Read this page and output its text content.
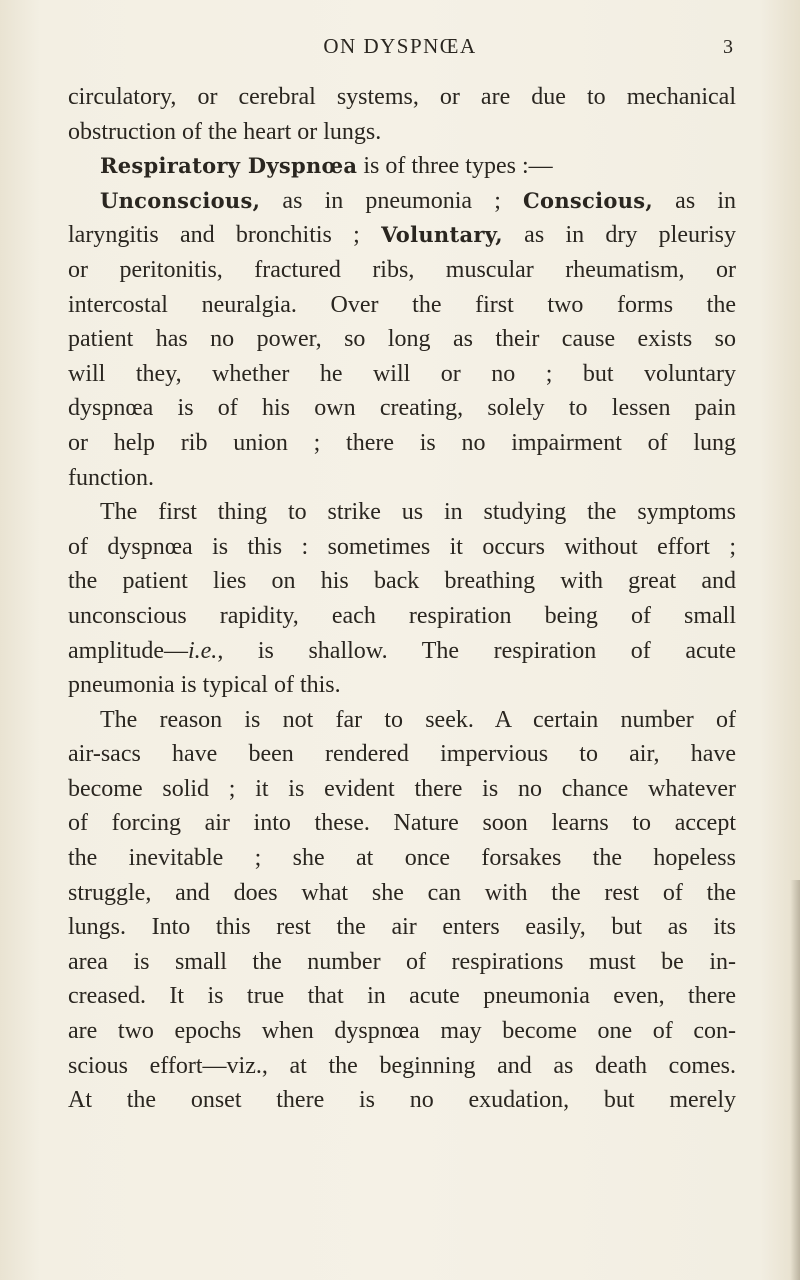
ON DYSPNŒA	3
circulatory, or cerebral systems, or are due to mechanical
obstruction of the heart or lungs.
Respiratory Dyspnœa is of three types :—
Unconscious, as in pneumonia ; Conscious, as in
laryngitis and bronchitis ; Voluntary, as in dry pleurisy
or peritonitis, fractured ribs, muscular rheumatism, or
intercostal neuralgia. Over the first two forms the
patient has no power, so long as their cause exists so
will they, whether he will or no ; but voluntary
dyspnœa is of his own creating, solely to lessen pain
or help rib union ; there is no impairment of lung
function.
The first thing to strike us in studying the symptoms
of dyspnœa is this : sometimes it occurs without effort ;
the patient lies on his back breathing with great and
unconscious rapidity, each respiration being of small
amplitude—i.e., is shallow. The respiration of acute
pneumonia is typical of this.
The reason is not far to seek. A certain number of
air-sacs have been rendered impervious to air, have
become solid ; it is evident there is no chance whatever
of forcing air into these. Nature soon learns to accept
the inevitable ; she at once forsakes the hopeless
struggle, and does what she can with the rest of the
lungs. Into this rest the air enters easily, but as its
area is small the number of respirations must be in-
creased. It is true that in acute pneumonia even, there
are two epochs when dyspnœa may become one of con-
scious effort—viz., at the beginning and as death comes.
At the onset there is no exudation, but merely
